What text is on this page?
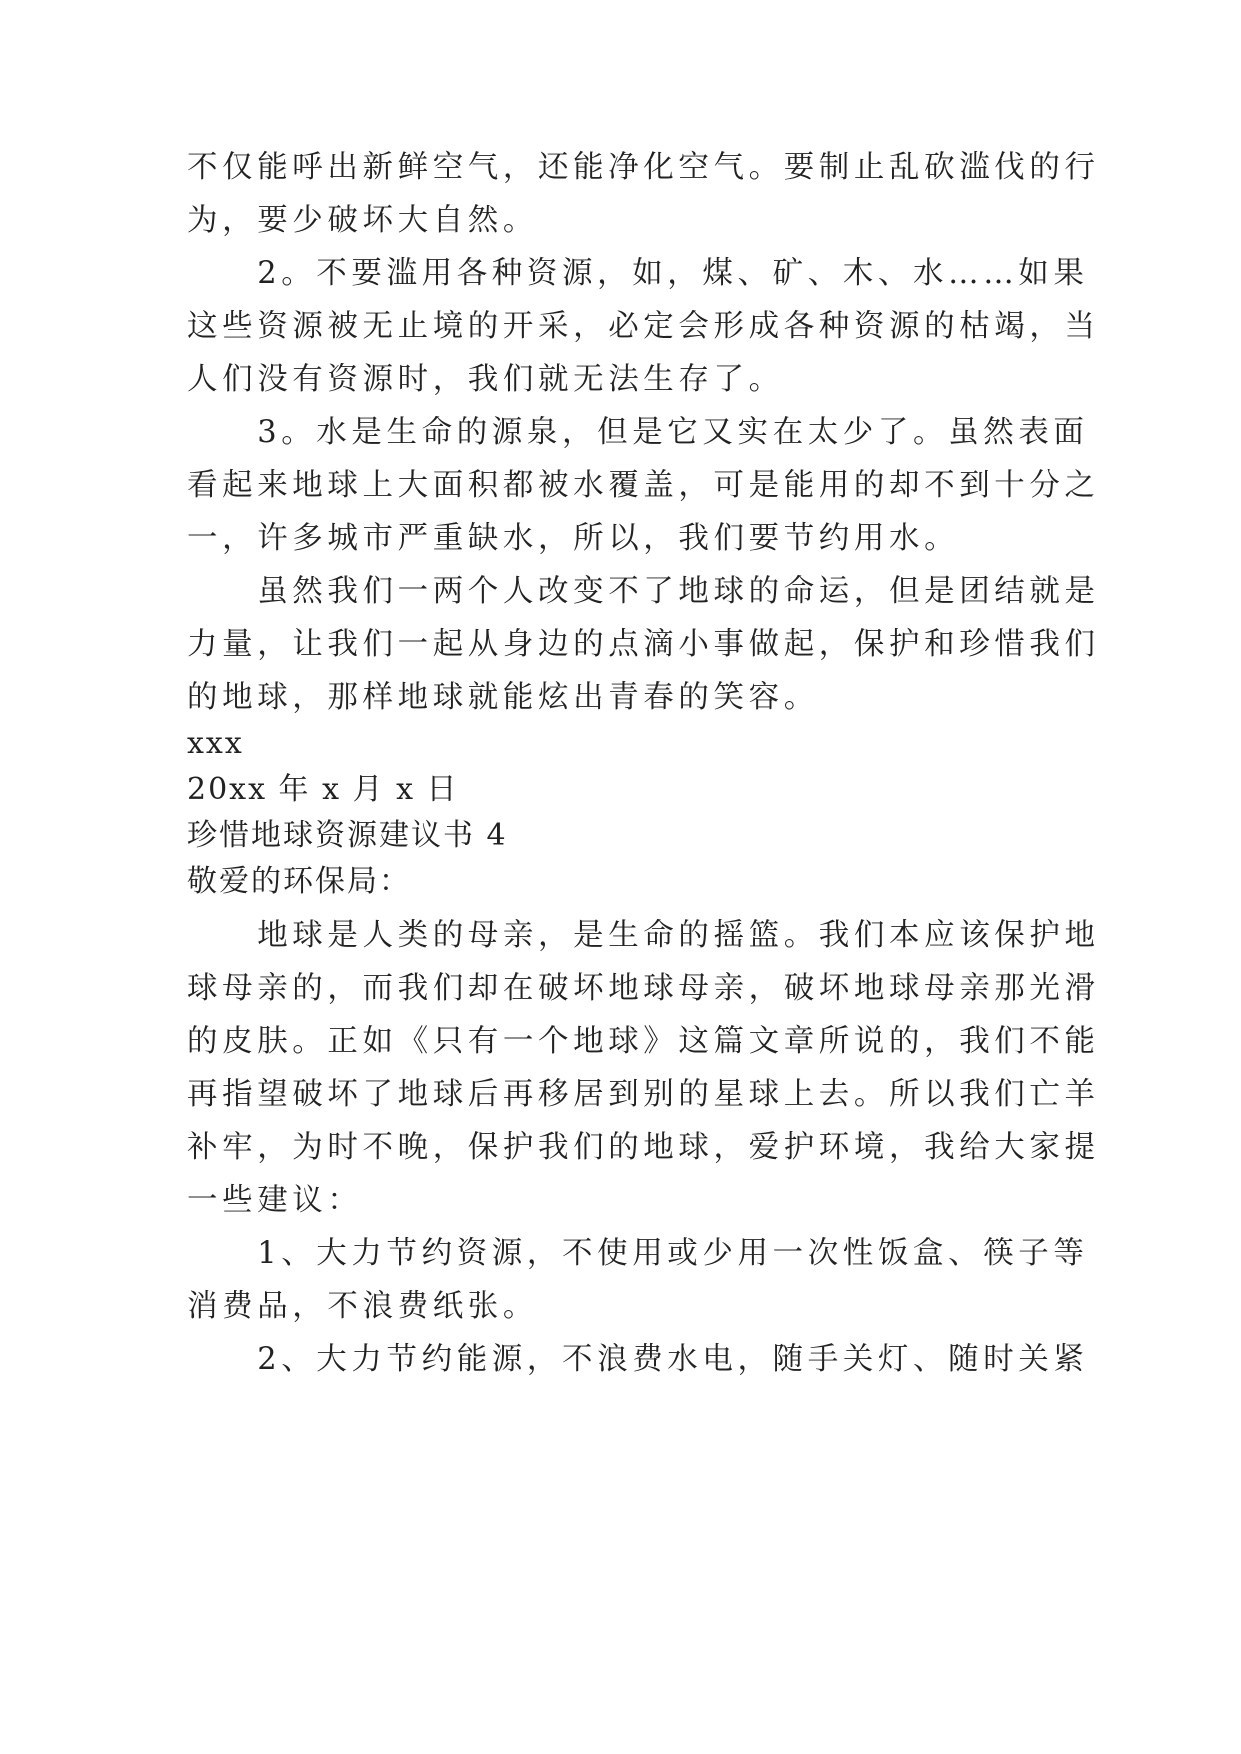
不仅能呼出新鲜空气，还能净化空气。要制止乱砍滥伐的行
为，要少破坏大自然。
　　2。不要滥用各种资源，如，煤、矿、木、水……如果
这些资源被无止境的开采，必定会形成各种资源的枯竭，当
人们没有资源时，我们就无法生存了。
　　3。水是生命的源泉，但是它又实在太少了。虽然表面
看起来地球上大面积都被水覆盖，可是能用的却不到十分之
一，许多城市严重缺水，所以，我们要节约用水。
　　虽然我们一两个人改变不了地球的命运，但是团结就是
力量，让我们一起从身边的点滴小事做起，保护和珍惜我们
的地球，那样地球就能炫出青春的笑容。
xxx
20xx 年 x 月 x 日
珍惜地球资源建议书 4
敬爱的环保局：
　　地球是人类的母亲，是生命的摇篮。我们本应该保护地
球母亲的，而我们却在破坏地球母亲，破坏地球母亲那光滑
的皮肤。正如《只有一个地球》这篇文章所说的，我们不能
再指望破坏了地球后再移居到别的星球上去。所以我们亡羊
补牢，为时不晚，保护我们的地球，爱护环境，我给大家提
一些建议：
　　1、大力节约资源，不使用或少用一次性饭盒、筷子等
消费品，不浪费纸张。
　　2、大力节约能源，不浪费水电，随手关灯、随时关紧
